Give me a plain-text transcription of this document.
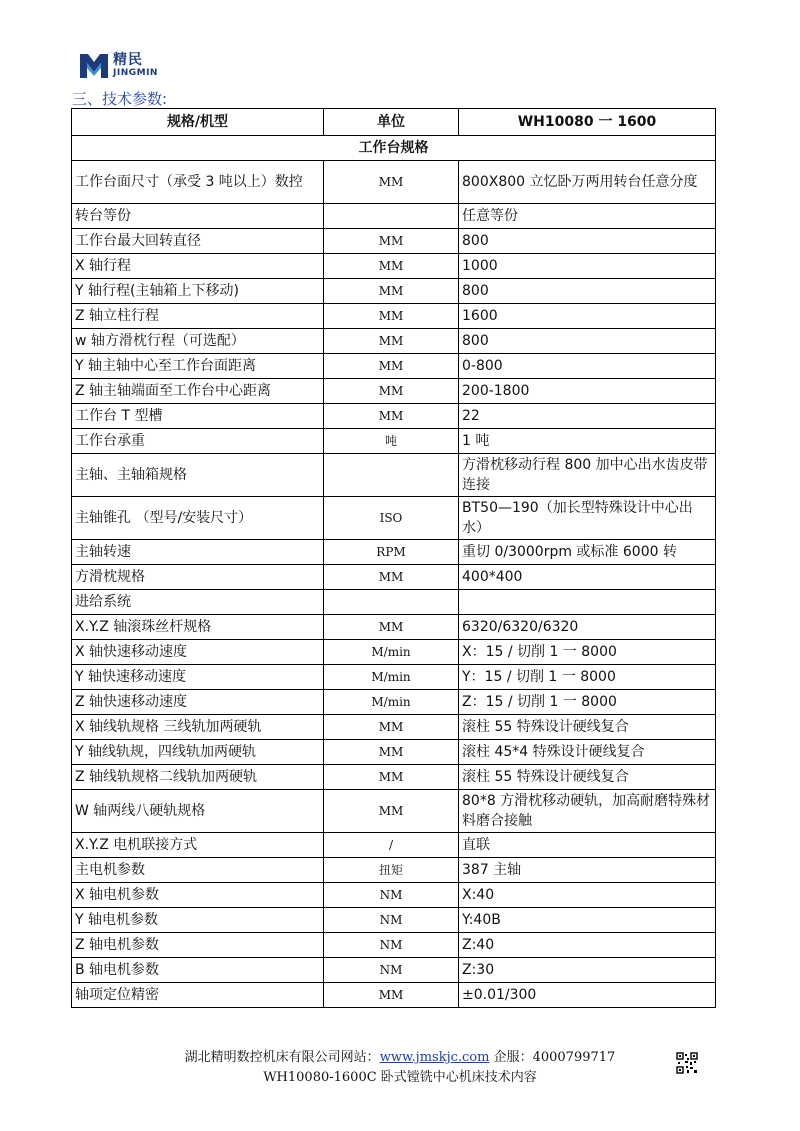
精民
JINGMIN
三、技术参数:
规格/机型	单位	WH10080 一 1600
工作台规格		
工作台面尺寸（承受 3 吨以上）数控	MM	800X800 立忆卧万两用转台任意分度
转台等份		任意等份
工作台最大回转直径	MM	800
X 轴行程	MM	1000
Y 轴行程(主轴箱上下移动)	MM	800
Z 轴立柱行程	MM	1600
w 轴方滑枕行程（可选配）	MM	800
Y 轴主轴中心至工作台面距离	MM	0-800
Z 轴主轴端面至工作台中心距离	MM	200-1800
工作台 T 型槽	MM	22
工作台承重	吨	1 吨
主轴、主轴箱规格		方滑枕移动行程 800 加中心出水齿皮带连接
主轴锥孔 （型号/安装尺寸）	ISO	BT50—190（加长型特殊设计中心出水）
主轴转速	RPM	重切 0/3000rpm 或标准 6000 转
方滑枕规格	MM	400*400
进给系统		
X.Y.Z 轴滚珠丝杆规格	MM	6320/6320/6320
X 轴快速移动速度	M/min	X：15 / 切削 1 一 8000
Y 轴快速移动速度	M/min	Y：15 / 切削 1 一 8000
Z 轴快速移动速度	M/min	Z：15 / 切削 1 一 8000
X 轴线轨规格 三线轨加两硬轨	MM	滚柱 55 特殊设计硬线复合
Y 轴线轨规，四线轨加两硬轨	MM	滚柱 45*4 特殊设计硬线复合
Z 轴线轨规格二线轨加两硬轨	MM	滚柱 55 特殊设计硬线复合
W 轴两线八硬轨规格	MM	80*8 方滑枕移动硬轨，加高耐磨特殊材料磨合接触
X.Y.Z 电机联接方式	/	直联
主电机参数	扭矩	387 主轴
X 轴电机参数	NM	X:40
Y 轴电机参数	NM	Y:40B
Z 轴电机参数	NM	Z:40
B 轴电机参数	NM	Z:30
轴项定位精密	MM	±0.01/300
湖北精明数控机床有限公司网站：www.jmskjc.com 企服：4000799717
WH10080-1600C 卧式镗铣中心机床技术内容
